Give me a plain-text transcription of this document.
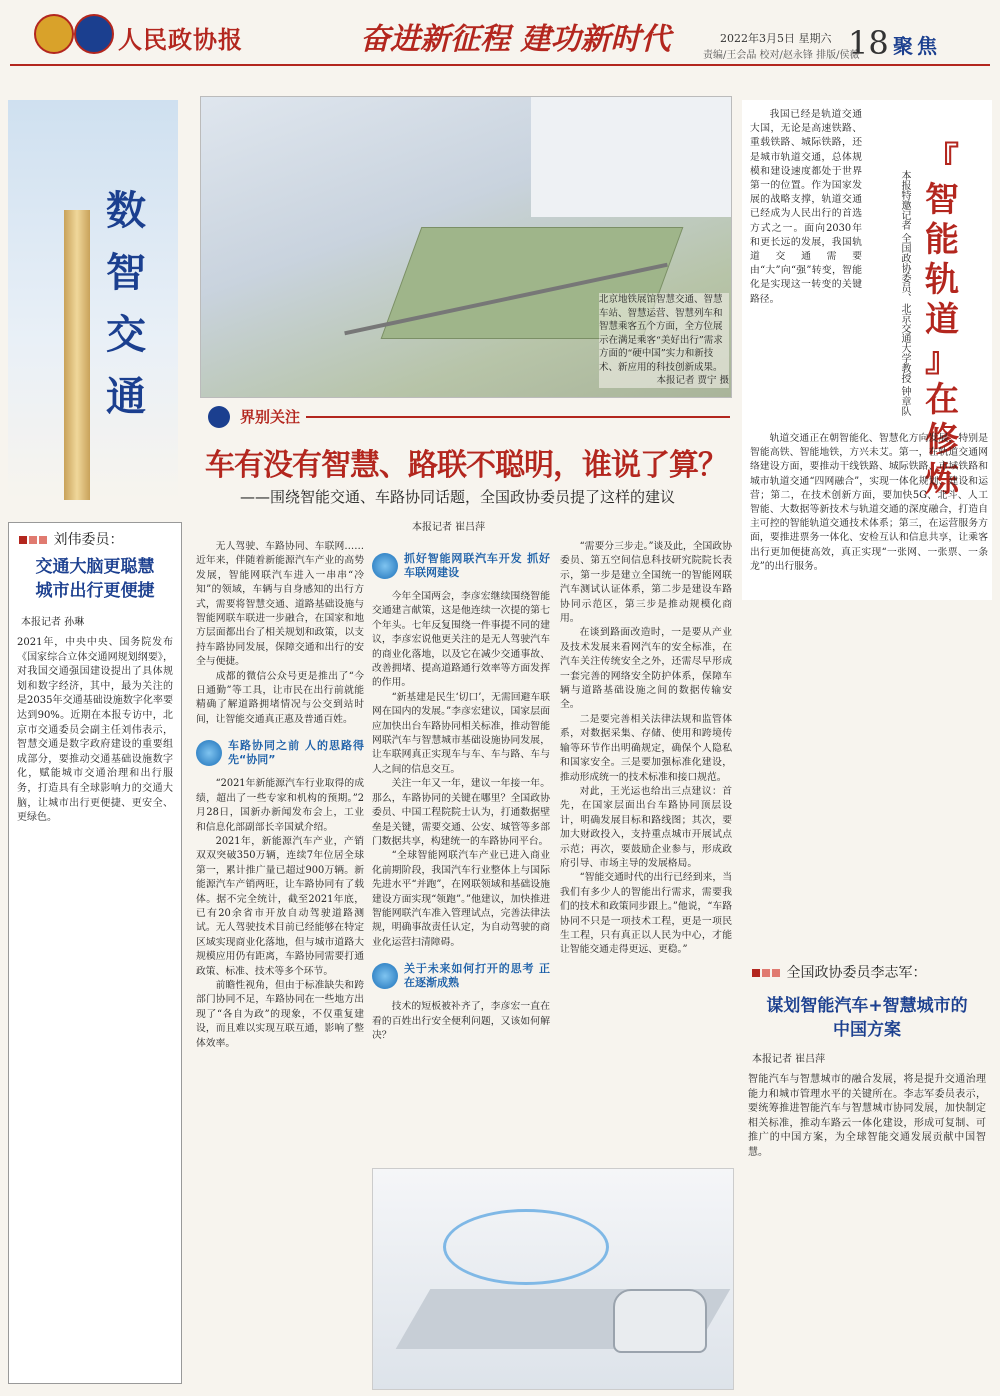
人民政协报	奋进新征程 建功新时代	2022年3月5日 星期六
责编/王会晶 校对/赵永锋 排版/侯薇
18 聚焦
数
智
交
通
刘伟委员：
交通大脑更聪慧
城市出行更便捷
本报记者 孙琳
2021年，中央中央、国务院发布《国家综合立体交通网规划纲要》，对我国交通强国建设提出了具体规划和数字经济，其中，最为关注的是2035年交通基础设施数字化率要达到90%。近期在本报专访中，北京市交通委员会副主任刘伟表示，智慧交通是数字政府建设的重要组成部分，要推动交通基础设施数字化，赋能城市交通治理和出行服务，打造具有全球影响力的交通大脑，让城市出行更便捷、更安全、更绿色。
北京地铁展馆智慧交通、智慧车站、智慧运营、智慧列车和智慧乘客五个方面，全方位展示在满足乘客“美好出行”需求方面的“硬中国”实力和新技术、新应用的科技创新成果。
本报记者 贾宁 摄
界别关注
车有没有智慧、路联不聪明，谁说了算？
——围绕智能交通、车路协同话题，全国政协委员提了这样的建议
本报记者 崔吕萍

无人驾驶、车路协同、车联网……近年来，伴随着新能源汽车产业的高势发展，智能网联汽车进入一串串“冷知”的领域，车辆与自身感知的出行方式，需要将智慧交通、道路基础设施与智能网联车联进一步融合，在国家和地方层面都出台了相关规划和政策，以支持车路协同发展，保障交通和出行的安全与便捷。

成都的微信公众号更是推出了“今日通勤”等工具，让市民在出行前就能精确了解道路拥堵情况与公交到站时间，让智能交通真正惠及普通百姓。

车路协同之前 人的思路得先“协同”

“2021年新能源汽车行业取得的成绩，超出了一些专家和机构的预期。”2月28日，国新办新闻发布会上，工业和信息化部副部长辛国斌介绍。

2021年，新能源汽车产业，产销双双突破350万辆，连续7年位居全球第一，累计推广量已超过900万辆。新能源汽车产销两旺，让车路协同有了载体。据不完全统计，截至2021年底，已有20余省市开放自动驾驶道路测试。无人驾驶技术目前已经能够在特定区域实现商业化落地，但与城市道路大规模应用仍有距离，车路协同需要打通政策、标准、技术等多个环节。

前瞻性视角，但由于标准缺失和跨部门协同不足，车路协同在一些地方出现了“各自为政”的现象，不仅重复建设，而且难以实现互联互通，影响了整体效率。

抓好智能网联汽车开发 抓好车联网建设

今年全国两会，李彦宏继续围绕智能交通建言献策，这是他连续一次提的第七个年头。七年反复围绕一件事提不同的建议，李彦宏说他更关注的是无人驾驶汽车的商业化落地，以及它在减少交通事故、改善拥堵、提高道路通行效率等方面发挥的作用。

“新基建是民生‘切口’，无需回避车联网在国内的发展。”李彦宏建议，国家层面应加快出台车路协同相关标准，推动智能网联汽车与智慧城市基础设施协同发展，让车联网真正实现车与车、车与路、车与人之间的信息交互。

关注一年又一年，建议一年接一年。那么，车路协同的关键在哪里？全国政协委员、中国工程院院士认为，打通数据壁垒是关键，需要交通、公安、城管等多部门数据共享，构建统一的车路协同平台。

“全球智能网联汽车产业已进入商业化前期阶段，我国汽车行业整体上与国际先进水平“并跑”，在网联领域和基础设施建设方面实现“领跑”。”他建议，加快推进智能网联汽车准入管理试点，完善法律法规，明确事故责任认定，为自动驾驶的商业化运营扫清障碍。

关于未来如何打开的思考 正在逐渐成熟

技术的短板被补齐了，李彦宏一直在看的百姓出行安全便利问题，又该如何解决？

“需要分三步走。”谈及此，全国政协委员、第五空间信息科技研究院院长表示，第一步是建立全国统一的智能网联汽车测试认证体系，第二步是建设车路协同示范区，第三步是推动规模化商用。

在谈到路面改造时，一是要从产业及技术发展来看网汽车的安全标准，在汽车关注传统安全之外，还需尽早形成一套完善的网络安全防护体系，保障车辆与道路基础设施之间的数据传输安全。

二是要完善相关法律法规和监管体系，对数据采集、存储、使用和跨境传输等环节作出明确规定，确保个人隐私和国家安全。三是要加强标准化建设，推动形成统一的技术标准和接口规范。

对此，王光运也给出三点建议：首先，在国家层面出台车路协同顶层设计，明确发展目标和路线图；其次，要加大财政投入，支持重点城市开展试点示范；再次，要鼓励企业参与，形成政府引导、市场主导的发展格局。

“智能交通时代的出行已经到来，当我们有多少人的智能出行需求，需要我们的技术和政策同步跟上。”他说，“车路协同不只是一项技术工程，更是一项民生工程，只有真正以人民为中心，才能让智能交通走得更远、更稳。”

我国已经是轨道交通大国，无论是高速铁路、重载铁路、城际铁路，还是城市轨道交通，总体规模和建设速度都处于世界第一的位置。作为国家发展的战略支撑，轨道交通已经成为人民出行的首选方式之一。面向2030年和更长远的发展，我国轨道交通需要由“大”向“强”转变，智能化是实现这一转变的关键路径。	本报特邀记者 全国政协委员、北京交通大学教授 钟章队
『
智
能
轨
道
』
在
修
炼

轨道交通正在朝智能化、智慧化方向发展，特别是智能高铁、智能地铁，方兴未艾。第一，在轨道交通网络建设方面，要推动干线铁路、城际铁路、市域铁路和城市轨道交通“四网融合”，实现一体化规划、建设和运营；第二，在技术创新方面，要加快5G、北斗、人工智能、大数据等新技术与轨道交通的深度融合，打造自主可控的智能轨道交通技术体系；第三，在运营服务方面，要推进票务一体化、安检互认和信息共享，让乘客出行更加便捷高效，真正实现“一张网、一张票、一条龙”的出行服务。

全国政协委员李志军：
谋划智能汽车+智慧城市的
中国方案
本报记者 崔吕萍
智能汽车与智慧城市的融合发展，将是提升交通治理能力和城市管理水平的关键所在。李志军委员表示，要统筹推进智能汽车与智慧城市协同发展，加快制定相关标准，推动车路云一体化建设，形成可复制、可推广的中国方案，为全球智能交通发展贡献中国智慧。
